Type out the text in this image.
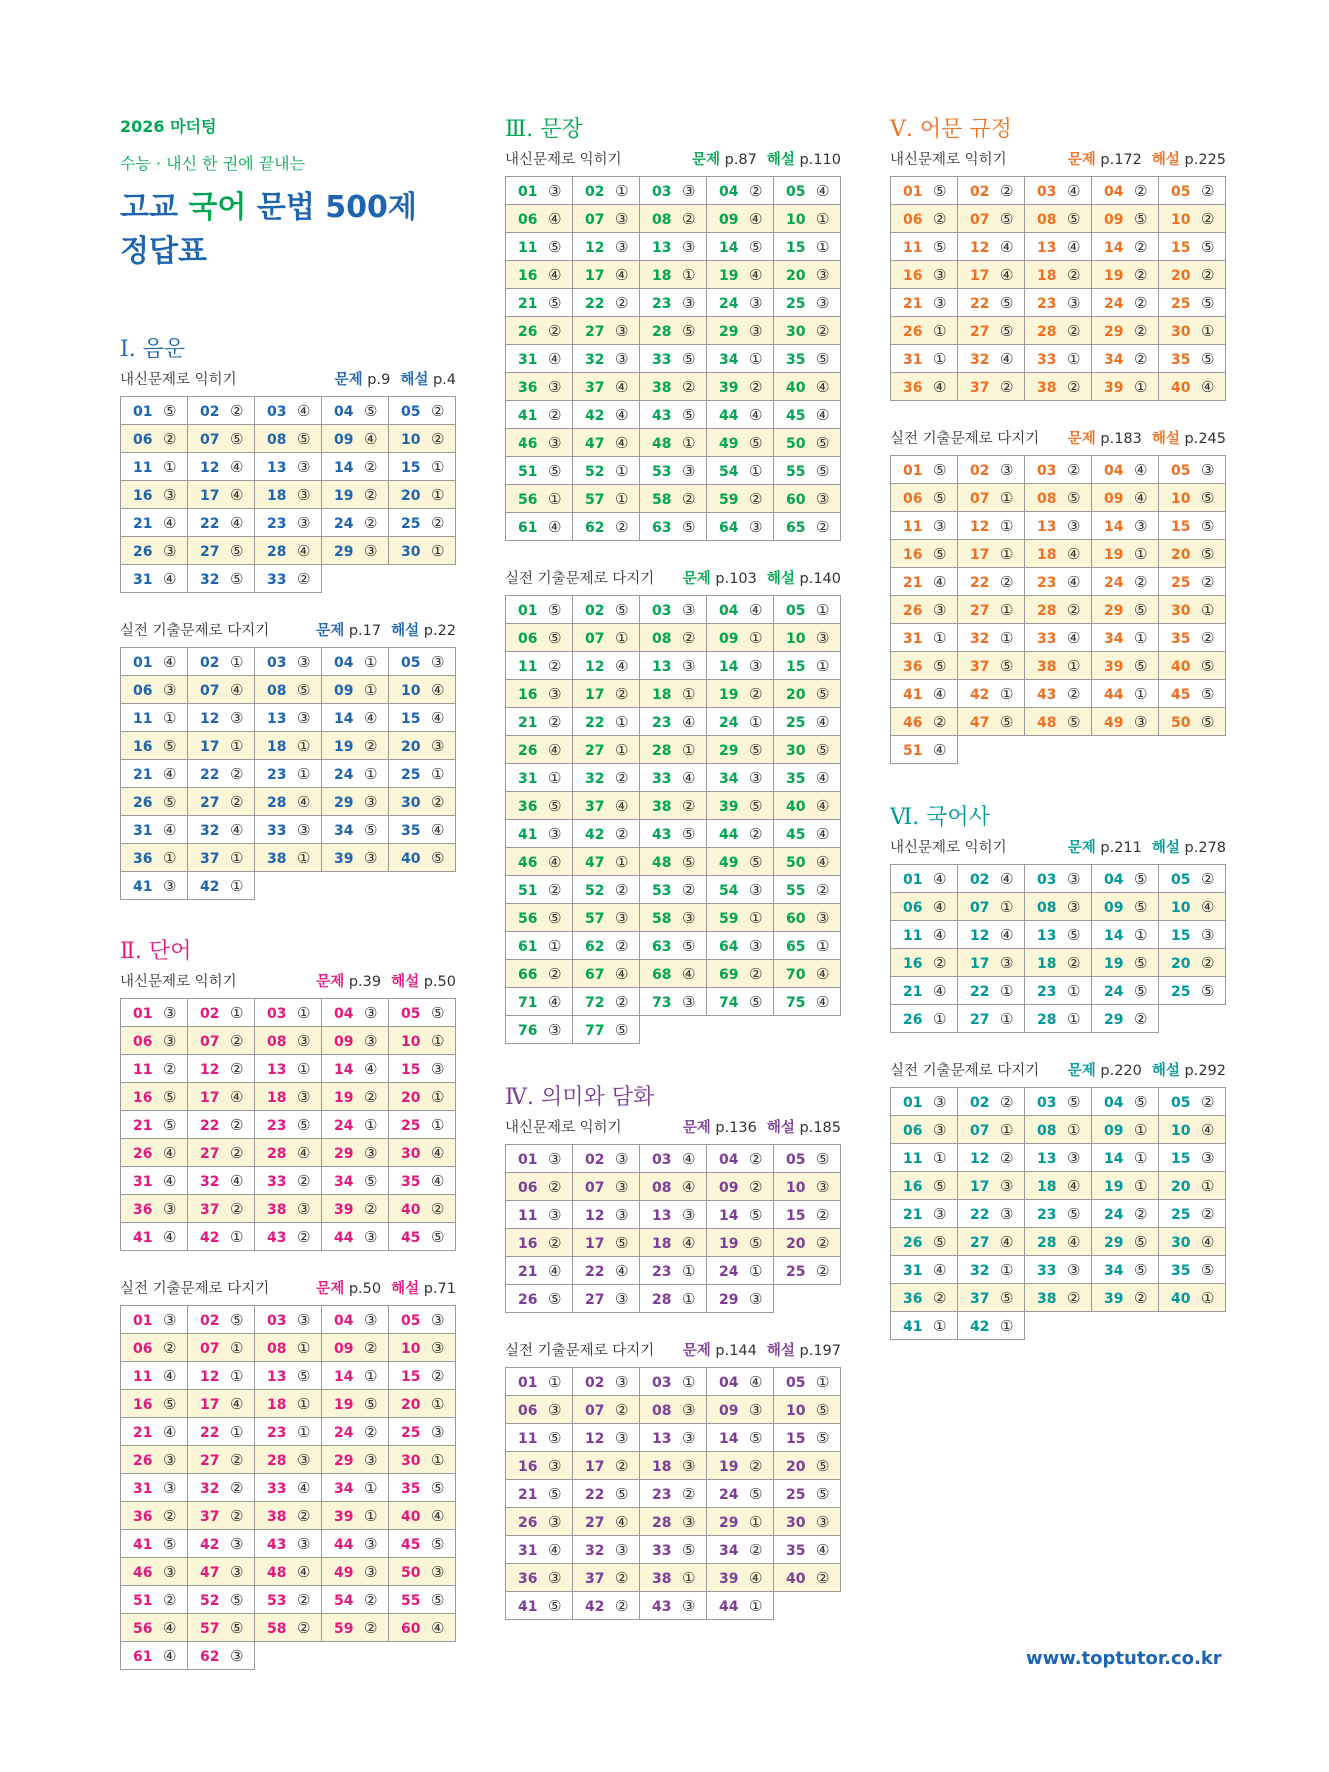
2026 마더텅
수능 · 내신 한 권에 끝내는
고교 국어 문법 500제
정답표
Ⅰ. 음운
내신문제로 익히기	문제 p.9 해설 p.4
01 ⑤	02 ②	03 ④	04 ⑤	05 ②
06 ②	07 ⑤	08 ⑤	09 ④	10 ②
11 ①	12 ④	13 ③	14 ②	15 ①
16 ③	17 ④	18 ③	19 ②	20 ①
21 ④	22 ④	23 ③	24 ②	25 ②
26 ③	27 ⑤	28 ④	29 ③	30 ①
31 ④	32 ⑤	33 ②		
실전 기출문제로 다지기	문제 p.17 해설 p.22
01 ④	02 ①	03 ③	04 ①	05 ③
06 ③	07 ④	08 ⑤	09 ①	10 ④
11 ①	12 ③	13 ③	14 ④	15 ④
16 ⑤	17 ①	18 ①	19 ②	20 ③
21 ④	22 ②	23 ①	24 ①	25 ①
26 ⑤	27 ②	28 ④	29 ③	30 ②
31 ④	32 ④	33 ③	34 ⑤	35 ④
36 ①	37 ①	38 ①	39 ③	40 ⑤
41 ③	42 ①			
Ⅱ. 단어
내신문제로 익히기	문제 p.39 해설 p.50
01 ③	02 ①	03 ①	04 ③	05 ⑤
06 ③	07 ②	08 ③	09 ③	10 ①
11 ②	12 ②	13 ①	14 ④	15 ③
16 ⑤	17 ④	18 ③	19 ②	20 ①
21 ⑤	22 ②	23 ⑤	24 ①	25 ①
26 ④	27 ②	28 ④	29 ③	30 ④
31 ④	32 ④	33 ②	34 ⑤	35 ④
36 ③	37 ②	38 ③	39 ②	40 ②
41 ④	42 ①	43 ②	44 ③	45 ⑤
실전 기출문제로 다지기	문제 p.50 해설 p.71
01 ③	02 ⑤	03 ③	04 ③	05 ③
06 ②	07 ①	08 ①	09 ②	10 ③
11 ④	12 ①	13 ⑤	14 ①	15 ②
16 ⑤	17 ④	18 ①	19 ⑤	20 ①
21 ④	22 ①	23 ①	24 ②	25 ③
26 ③	27 ②	28 ③	29 ③	30 ①
31 ③	32 ②	33 ④	34 ①	35 ⑤
36 ②	37 ②	38 ②	39 ①	40 ④
41 ⑤	42 ③	43 ③	44 ③	45 ⑤
46 ③	47 ③	48 ④	49 ③	50 ③
51 ②	52 ⑤	53 ②	54 ②	55 ⑤
56 ④	57 ⑤	58 ②	59 ②	60 ④
61 ④	62 ③			
Ⅲ. 문장
내신문제로 익히기	문제 p.87 해설 p.110
01 ③	02 ①	03 ③	04 ②	05 ④
06 ④	07 ③	08 ②	09 ④	10 ①
11 ⑤	12 ③	13 ③	14 ⑤	15 ①
16 ④	17 ④	18 ①	19 ④	20 ③
21 ⑤	22 ②	23 ③	24 ③	25 ③
26 ②	27 ③	28 ⑤	29 ③	30 ②
31 ④	32 ③	33 ⑤	34 ①	35 ⑤
36 ③	37 ④	38 ②	39 ②	40 ④
41 ②	42 ④	43 ⑤	44 ④	45 ④
46 ③	47 ④	48 ①	49 ⑤	50 ⑤
51 ⑤	52 ①	53 ③	54 ①	55 ⑤
56 ①	57 ①	58 ②	59 ②	60 ③
61 ④	62 ②	63 ⑤	64 ③	65 ②
실전 기출문제로 다지기 문제 p.103 해설 p.140
01 ⑤	02 ⑤	03 ③	04 ④	05 ①
06 ⑤	07 ①	08 ②	09 ①	10 ③
11 ②	12 ④	13 ③	14 ③	15 ①
16 ③	17 ②	18 ①	19 ②	20 ⑤
21 ②	22 ①	23 ④	24 ①	25 ④
26 ④	27 ①	28 ①	29 ⑤	30 ⑤
31 ①	32 ②	33 ④	34 ③	35 ④
36 ⑤	37 ④	38 ②	39 ⑤	40 ④
41 ③	42 ②	43 ⑤	44 ②	45 ④
46 ④	47 ①	48 ⑤	49 ⑤	50 ④
51 ②	52 ②	53 ②	54 ③	55 ②
56 ⑤	57 ③	58 ③	59 ①	60 ③
61 ①	62 ②	63 ⑤	64 ③	65 ①
66 ②	67 ④	68 ④	69 ②	70 ④
71 ④	72 ②	73 ③	74 ⑤	75 ④
76 ③	77 ⑤			
Ⅳ. 의미와 담화
내신문제로 익히기	문제 p.136 해설 p.185
01 ③	02 ③	03 ④	04 ②	05 ⑤
06 ②	07 ③	08 ④	09 ②	10 ③
11 ③	12 ③	13 ③	14 ⑤	15 ②
16 ②	17 ⑤	18 ④	19 ⑤	20 ②
21 ④	22 ④	23 ①	24 ①	25 ②
26 ⑤	27 ③	28 ①	29 ③	
실전 기출문제로 다지기 문제 p.144 해설 p.197
01 ①	02 ③	03 ①	04 ④	05 ①
06 ③	07 ②	08 ③	09 ③	10 ⑤
11 ⑤	12 ③	13 ③	14 ⑤	15 ⑤
16 ③	17 ②	18 ③	19 ②	20 ⑤
21 ⑤	22 ⑤	23 ②	24 ⑤	25 ⑤
26 ③	27 ④	28 ③	29 ①	30 ③
31 ④	32 ③	33 ⑤	34 ②	35 ④
36 ③	37 ②	38 ①	39 ④	40 ②
41 ⑤	42 ②	43 ③	44 ①	
Ⅴ. 어문 규정
내신문제로 익히기	문제 p.172 해설 p.225
01 ⑤	02 ②	03 ④	04 ②	05 ②
06 ②	07 ⑤	08 ⑤	09 ⑤	10 ②
11 ⑤	12 ④	13 ④	14 ②	15 ⑤
16 ③	17 ④	18 ②	19 ②	20 ②
21 ③	22 ⑤	23 ③	24 ②	25 ⑤
26 ①	27 ⑤	28 ②	29 ②	30 ①
31 ①	32 ④	33 ①	34 ②	35 ⑤
36 ④	37 ②	38 ②	39 ①	40 ④
실전 기출문제로 다지기 문제 p.183 해설 p.245
01 ⑤	02 ③	03 ②	04 ④	05 ③
06 ⑤	07 ①	08 ⑤	09 ④	10 ⑤
11 ③	12 ①	13 ③	14 ③	15 ⑤
16 ⑤	17 ①	18 ④	19 ①	20 ⑤
21 ④	22 ②	23 ④	24 ②	25 ②
26 ③	27 ①	28 ②	29 ⑤	30 ①
31 ①	32 ①	33 ④	34 ①	35 ②
36 ⑤	37 ⑤	38 ①	39 ⑤	40 ⑤
41 ④	42 ①	43 ②	44 ①	45 ⑤
46 ②	47 ⑤	48 ⑤	49 ③	50 ⑤
51 ④				
Ⅵ. 국어사
내신문제로 익히기	문제 p.211 해설 p.278
01 ④	02 ④	03 ③	04 ⑤	05 ②
06 ④	07 ①	08 ③	09 ⑤	10 ④
11 ④	12 ④	13 ⑤	14 ①	15 ③
16 ②	17 ③	18 ②	19 ⑤	20 ②
21 ④	22 ①	23 ①	24 ⑤	25 ⑤
26 ①	27 ①	28 ①	29 ②	
실전 기출문제로 다지기 문제 p.220 해설 p.292
01 ③	02 ②	03 ⑤	04 ⑤	05 ②
06 ③	07 ①	08 ①	09 ①	10 ④
11 ①	12 ②	13 ③	14 ①	15 ③
16 ⑤	17 ③	18 ④	19 ①	20 ①
21 ③	22 ③	23 ⑤	24 ②	25 ②
26 ⑤	27 ④	28 ④	29 ⑤	30 ④
31 ④	32 ①	33 ③	34 ⑤	35 ⑤
36 ②	37 ⑤	38 ②	39 ②	40 ①
41 ①	42 ①			
www.toptutor.co.kr
